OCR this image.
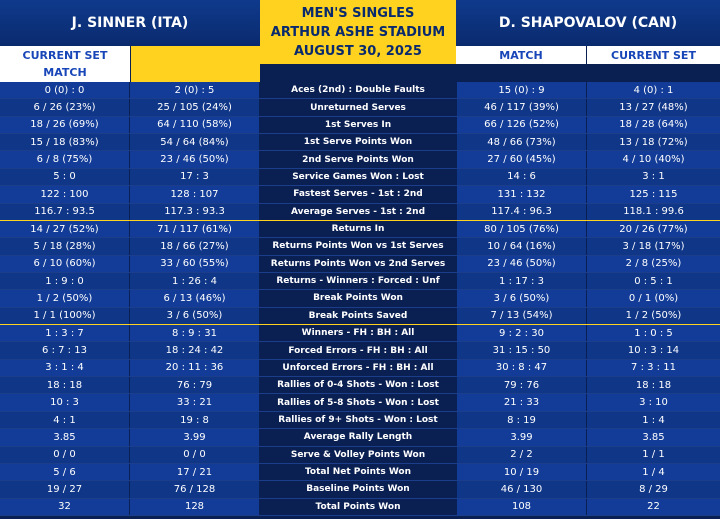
J. SINNER (ITA)
MEN'S SINGLES
ARTHUR ASHE STADIUM
AUGUST 30, 2025
D. SHAPOVALOV (CAN)
CURRENT SET
MATCH
MATCH	CURRENT SET
0 (0) : 0	2 (0) : 5	Aces (2nd) : Double Faults	15 (0) : 9	4 (0) : 1
6 / 26 (23%)	25 / 105 (24%)	Unreturned Serves	46 / 117 (39%)	13 / 27 (48%)
18 / 26 (69%)	64 / 110 (58%)	1st Serves In	66 / 126 (52%)	18 / 28 (64%)
15 / 18 (83%)	54 / 64 (84%)	1st Serve Points Won	48 / 66 (73%)	13 / 18 (72%)
6 / 8 (75%)	23 / 46 (50%)	2nd Serve Points Won	27 / 60 (45%)	4 / 10 (40%)
5 : 0	17 : 3	Service Games Won : Lost	14 : 6	3 : 1
122 : 100	128 : 107	Fastest Serves - 1st : 2nd	131 : 132	125 : 115
116.7 : 93.5	117.3 : 93.3	Average Serves - 1st : 2nd	117.4 : 96.3	118.1 : 99.6
14 / 27 (52%)	71 / 117 (61%)	Returns In	80 / 105 (76%)	20 / 26 (77%)
5 / 18 (28%)	18 / 66 (27%)	Returns Points Won vs 1st Serves	10 / 64 (16%)	3 / 18 (17%)
6 / 10 (60%)	33 / 60 (55%)	Returns Points Won vs 2nd Serves	23 / 46 (50%)	2 / 8 (25%)
1 : 9 : 0	1 : 26 : 4	Returns - Winners : Forced : Unf	1 : 17 : 3	0 : 5 : 1
1 / 2 (50%)	6 / 13 (46%)	Break Points Won	3 / 6 (50%)	0 / 1 (0%)
1 / 1 (100%)	3 / 6 (50%)	Break Points Saved	7 / 13 (54%)	1 / 2 (50%)
1 : 3 : 7	8 : 9 : 31	Winners - FH : BH : All	9 : 2 : 30	1 : 0 : 5
6 : 7 : 13	18 : 24 : 42	Forced Errors - FH : BH : All	31 : 15 : 50	10 : 3 : 14
3 : 1 : 4	20 : 11 : 36	Unforced Errors - FH : BH : All	30 : 8 : 47	7 : 3 : 11
18 : 18	76 : 79	Rallies of 0-4 Shots - Won : Lost	79 : 76	18 : 18
10 : 3	33 : 21	Rallies of 5-8 Shots - Won : Lost	21 : 33	3 : 10
4 : 1	19 : 8	Rallies of 9+ Shots - Won : Lost	8 : 19	1 : 4
3.85	3.99	Average Rally Length	3.99	3.85
0 / 0	0 / 0	Serve & Volley Points Won	2 / 2	1 / 1
5 / 6	17 / 21	Total Net Points Won	10 / 19	1 / 4
19 / 27	76 / 128	Baseline Points Won	46 / 130	8 / 29
32	128	Total Points Won	108	22
